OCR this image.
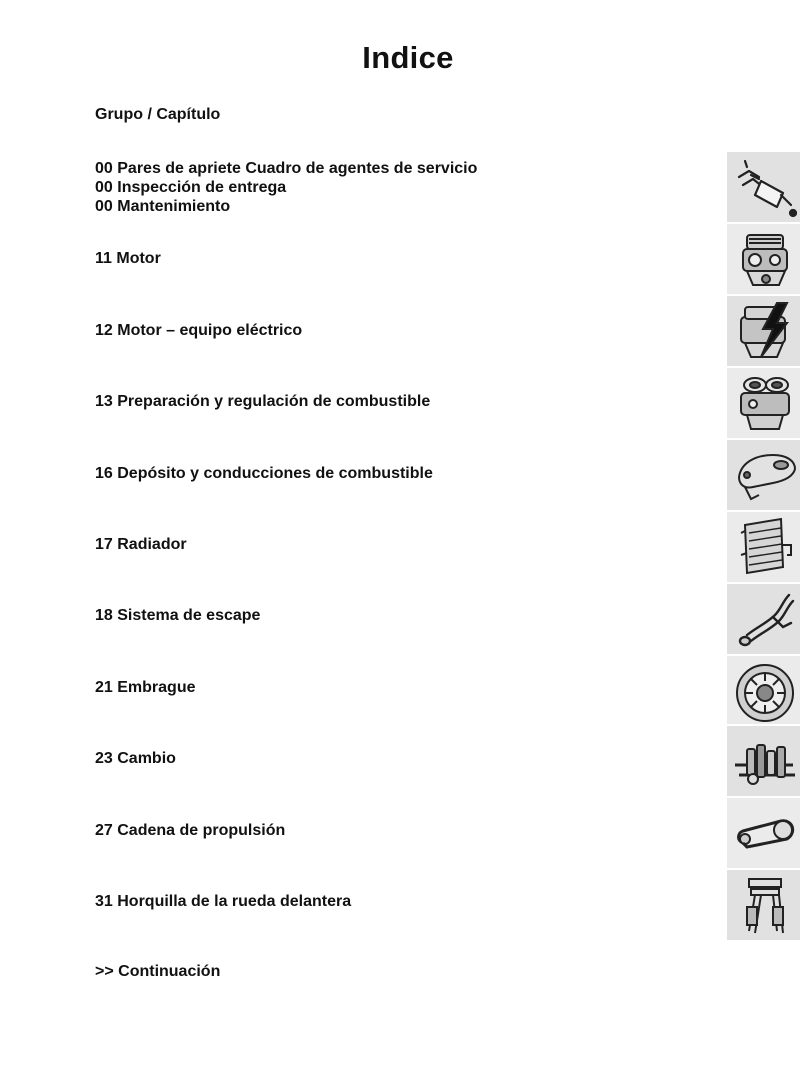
Indice
Grupo / Capítulo
00 Pares de apriete Cuadro de agentes de servicio
00 Inspección de entrega
00 Mantenimiento
11 Motor
12 Motor – equipo eléctrico
13 Preparación y regulación de combustible
16 Depósito y conducciones de combustible
17 Radiador
18 Sistema de escape
21 Embrague
23 Cambio
27 Cadena de propulsión
31 Horquilla de la rueda delantera
>> Continuación
